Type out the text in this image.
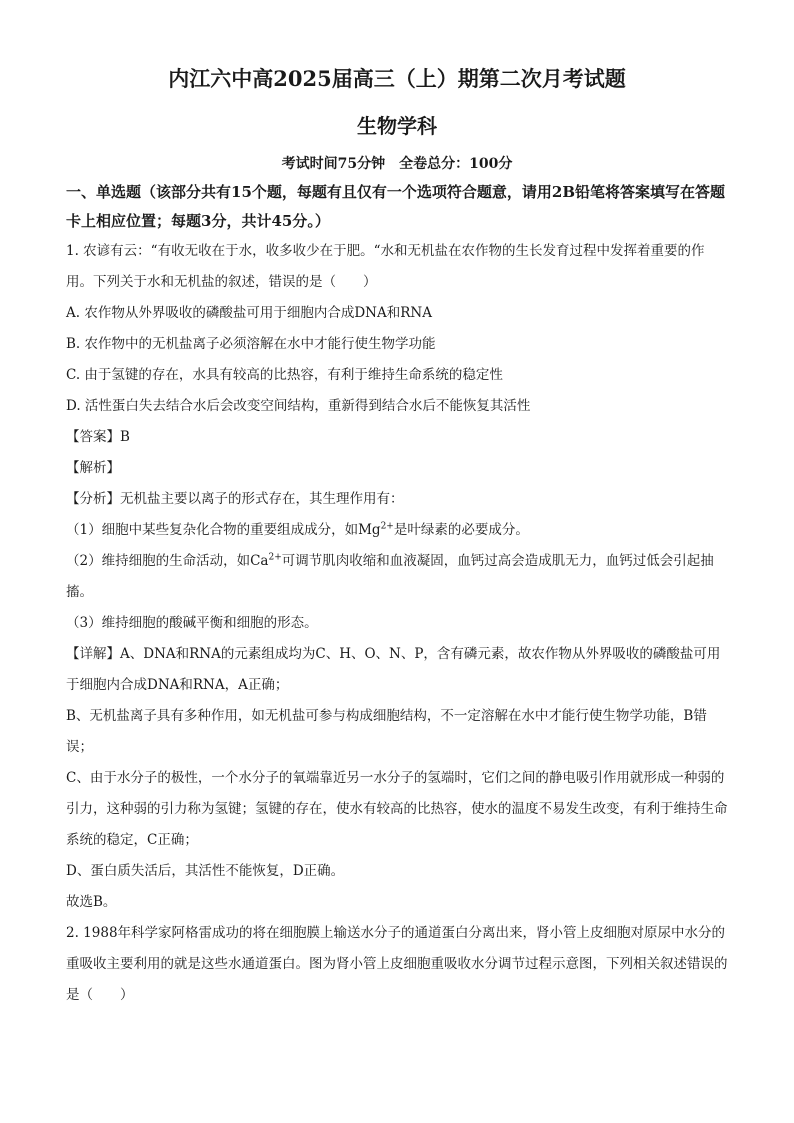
内江六中高2025届高三（上）期第二次月考试题
生物学科

考试时间75分钟　全卷总分：100分

一、单选题（该部分共有15个题，每题有且仅有一个选项符合题意，请用2B铅笔将答案填写在答题卡上相应位置；每题3分，共计45分。）

1. 农谚有云：“有收无收在于水，收多收少在于肥。“水和无机盐在农作物的生长发育过程中发挥着重要的作用。下列关于水和无机盐的叙述，错误的是（　　）

A. 农作物从外界吸收的磷酸盐可用于细胞内合成DNA和RNA

B. 农作物中的无机盐离子必须溶解在水中才能行使生物学功能

C. 由于氢键的存在，水具有较高的比热容，有利于维持生命系统的稳定性

D. 活性蛋白失去结合水后会改变空间结构，重新得到结合水后不能恢复其活性

【答案】B

【解析】

【分析】无机盐主要以离子的形式存在，其生理作用有：

（1）细胞中某些复杂化合物的重要组成成分，如$Mg^{2+}$是叶绿素的必要成分。

（2）维持细胞的生命活动，如$Ca^{2+}$可调节肌肉收缩和血液凝固，血钙过高会造成肌无力，血钙过低会引起抽搐。

（3）维持细胞的酸碱平衡和细胞的形态。

【详解】A、DNA和RNA的元素组成均为C、H、O、N、P，含有磷元素，故农作物从外界吸收的磷酸盐可用于细胞内合成DNA和RNA，A正确；

B、无机盐离子具有多种作用，如无机盐可参与构成细胞结构，不一定溶解在水中才能行使生物学功能，B错误；

C、由于水分子的极性，一个水分子的氧端靠近另一水分子的氢端时，它们之间的静电吸引作用就形成一种弱的引力，这种弱的引力称为氢键；氢键的存在，使水有较高的比热容，使水的温度不易发生改变，有利于维持生命系统的稳定，C正确；

D、蛋白质失活后，其活性不能恢复，D正确。

故选B。

2. 1988年科学家阿格雷成功的将在细胞膜上输送水分子的通道蛋白分离出来，肾小管上皮细胞对原尿中水分的重吸收主要利用的就是这些水通道蛋白。图为肾小管上皮细胞重吸收水分调节过程示意图，下列相关叙述错误的是（　　）
